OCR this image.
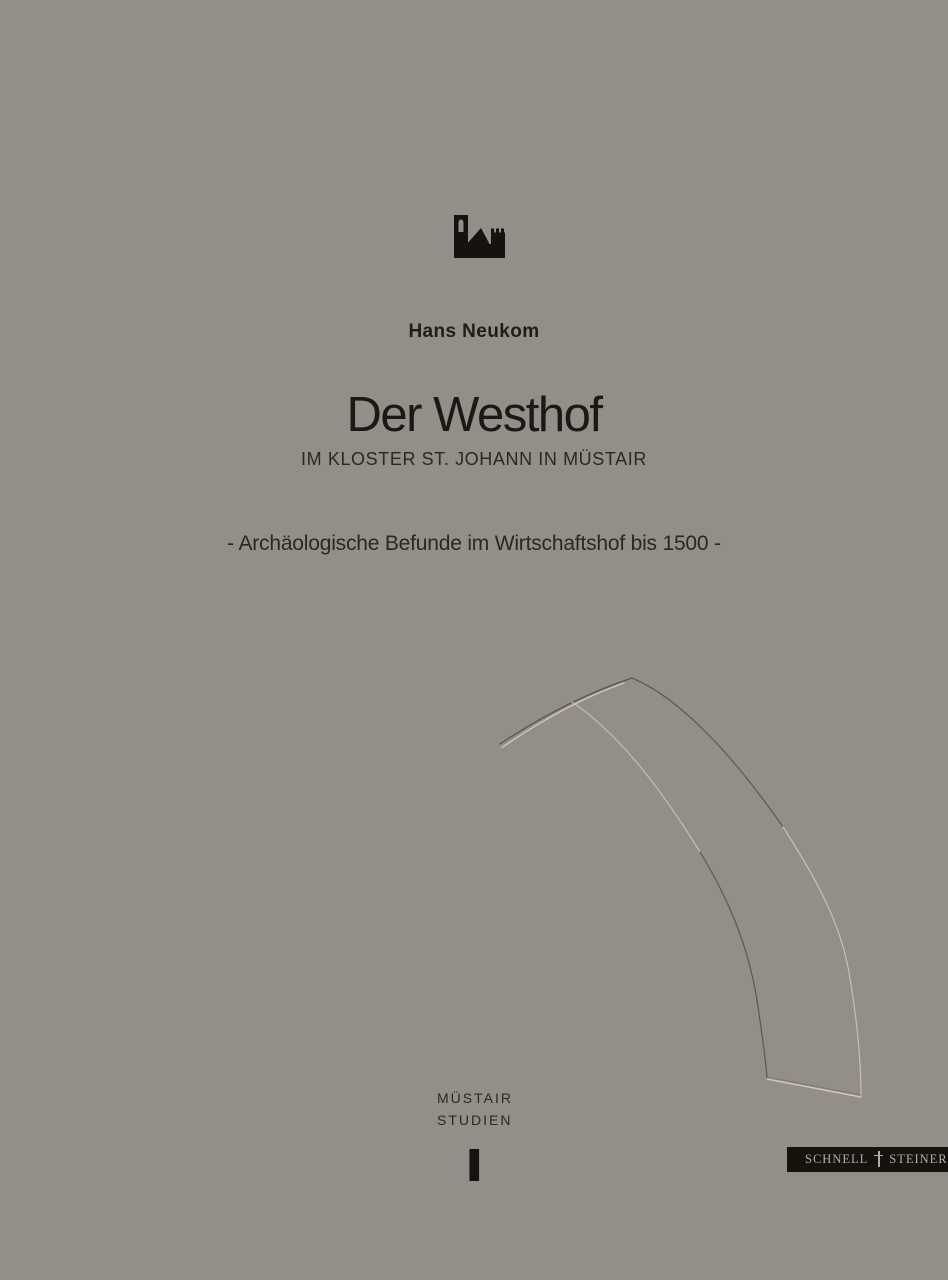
Hans Neukom
Der Westhof
IM KLOSTER ST. JOHANN IN MÜSTAIR
- Archäologische Befunde im Wirtschaftshof bis 1500 -
MÜSTAIR
STUDIEN
I	SCHNELL STEINER
